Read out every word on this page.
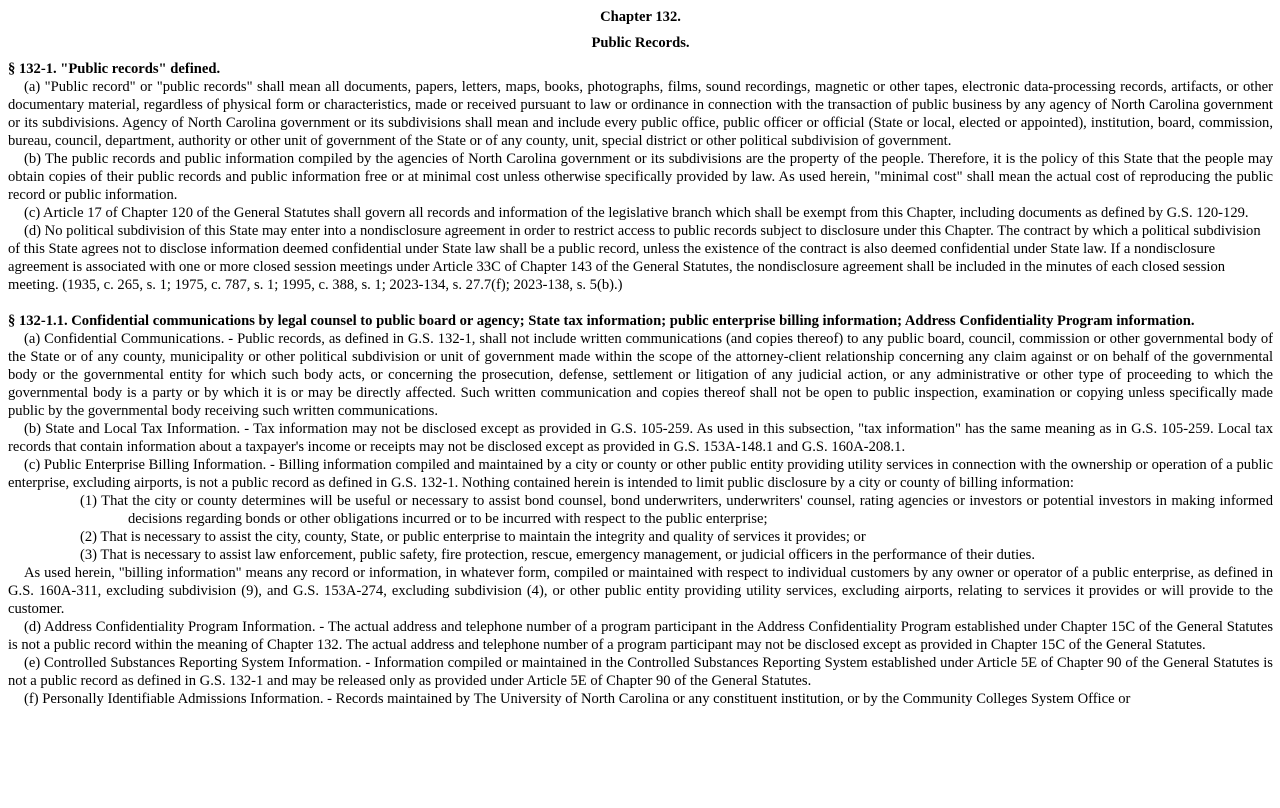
Chapter 132.
Public Records.
§ 132-1. "Public records" defined.

(a) "Public record" or "public records" shall mean all documents, papers, letters, maps, books, photographs, films, sound recordings, magnetic or other tapes, electronic data-processing records, artifacts, or other documentary material, regardless of physical form or characteristics, made or received pursuant to law or ordinance in connection with the transaction of public business by any agency of North Carolina government or its subdivisions. Agency of North Carolina government or its subdivisions shall mean and include every public office, public officer or official (State or local, elected or appointed), institution, board, commission, bureau, council, department, authority or other unit of government of the State or of any county, unit, special district or other political subdivision of government.

(b) The public records and public information compiled by the agencies of North Carolina government or its subdivisions are the property of the people. Therefore, it is the policy of this State that the people may obtain copies of their public records and public information free or at minimal cost unless otherwise specifically provided by law. As used herein, "minimal cost" shall mean the actual cost of reproducing the public record or public information.

(c) Article 17 of Chapter 120 of the General Statutes shall govern all records and information of the legislative branch which shall be exempt from this Chapter, including documents as defined by G.S. 120-129.

(d) No political subdivision of this State may enter into a nondisclosure agreement in order to restrict access to public records subject to disclosure under this Chapter. The contract by which a political subdivision of this State agrees not to disclose information deemed confidential under State law shall be a public record, unless the existence of the contract is also deemed confidential under State law. If a nondisclosure agreement is associated with one or more closed session meetings under Article 33C of Chapter 143 of the General Statutes, the nondisclosure agreement shall be included in the minutes of each closed session meeting. (1935, c. 265, s. 1; 1975, c. 787, s. 1; 1995, c. 388, s. 1; 2023-134, s. 27.7(f); 2023-138, s. 5(b).)

§ 132-1.1. Confidential communications by legal counsel to public board or agency; State tax information; public enterprise billing information; Address Confidentiality Program information.

(a) Confidential Communications. - Public records, as defined in G.S. 132-1, shall not include written communications (and copies thereof) to any public board, council, commission or other governmental body of the State or of any county, municipality or other political subdivision or unit of government made within the scope of the attorney-client relationship concerning any claim against or on behalf of the governmental body or the governmental entity for which such body acts, or concerning the prosecution, defense, settlement or litigation of any judicial action, or any administrative or other type of proceeding to which the governmental body is a party or by which it is or may be directly affected. Such written communication and copies thereof shall not be open to public inspection, examination or copying unless specifically made public by the governmental body receiving such written communications.

(b) State and Local Tax Information. - Tax information may not be disclosed except as provided in G.S. 105-259. As used in this subsection, "tax information" has the same meaning as in G.S. 105-259. Local tax records that contain information about a taxpayer's income or receipts may not be disclosed except as provided in G.S. 153A-148.1 and G.S. 160A-208.1.

(c) Public Enterprise Billing Information. - Billing information compiled and maintained by a city or county or other public entity providing utility services in connection with the ownership or operation of a public enterprise, excluding airports, is not a public record as defined in G.S. 132-1. Nothing contained herein is intended to limit public disclosure by a city or county of billing information:

(1) That the city or county determines will be useful or necessary to assist bond counsel, bond underwriters, underwriters' counsel, rating agencies or investors or potential investors in making informed decisions regarding bonds or other obligations incurred or to be incurred with respect to the public enterprise;

(2) That is necessary to assist the city, county, State, or public enterprise to maintain the integrity and quality of services it provides; or

(3) That is necessary to assist law enforcement, public safety, fire protection, rescue, emergency management, or judicial officers in the performance of their duties.

As used herein, "billing information" means any record or information, in whatever form, compiled or maintained with respect to individual customers by any owner or operator of a public enterprise, as defined in G.S. 160A-311, excluding subdivision (9), and G.S. 153A-274, excluding subdivision (4), or other public entity providing utility services, excluding airports, relating to services it provides or will provide to the customer.

(d) Address Confidentiality Program Information. - The actual address and telephone number of a program participant in the Address Confidentiality Program established under Chapter 15C of the General Statutes is not a public record within the meaning of Chapter 132. The actual address and telephone number of a program participant may not be disclosed except as provided in Chapter 15C of the General Statutes.

(e) Controlled Substances Reporting System Information. - Information compiled or maintained in the Controlled Substances Reporting System established under Article 5E of Chapter 90 of the General Statutes is not a public record as defined in G.S. 132-1 and may be released only as provided under Article 5E of Chapter 90 of the General Statutes.

(f) Personally Identifiable Admissions Information. - Records maintained by The University of North Carolina or any constituent institution, or by the Community Colleges System Office or
